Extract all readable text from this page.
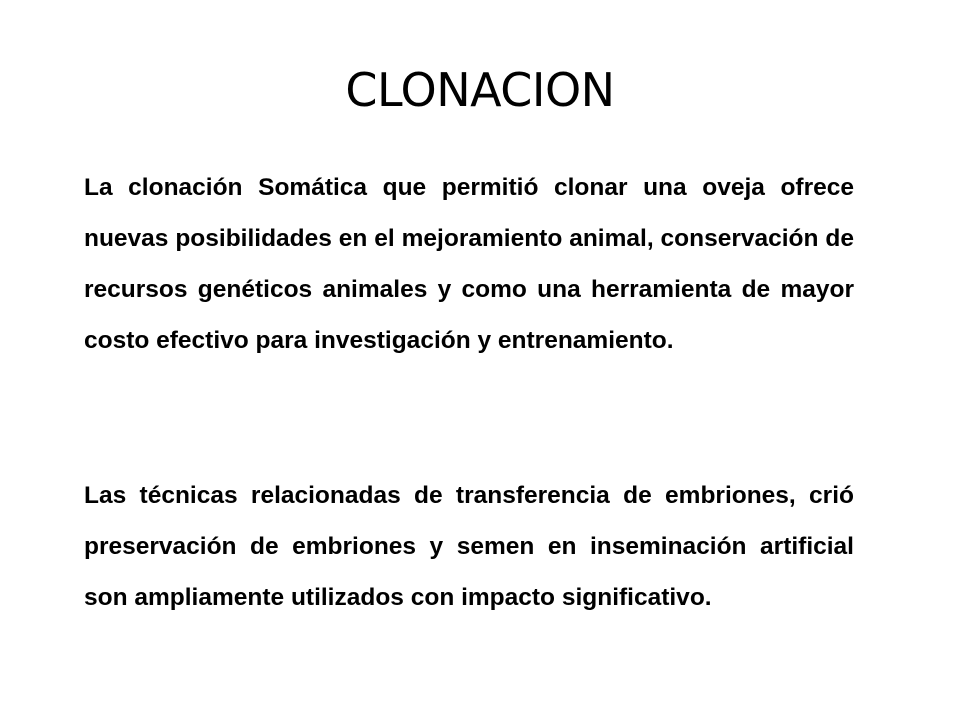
CLONACION

La clonación Somática que permitió clonar una oveja ofrece nuevas posibilidades en el mejoramiento animal, conservación de recursos genéticos animales y como una herramienta de mayor costo efectivo para investigación y entrenamiento.

Las técnicas relacionadas de transferencia de embriones, crió preservación de embriones y semen en inseminación artificial son ampliamente utilizados con impacto significativo.
